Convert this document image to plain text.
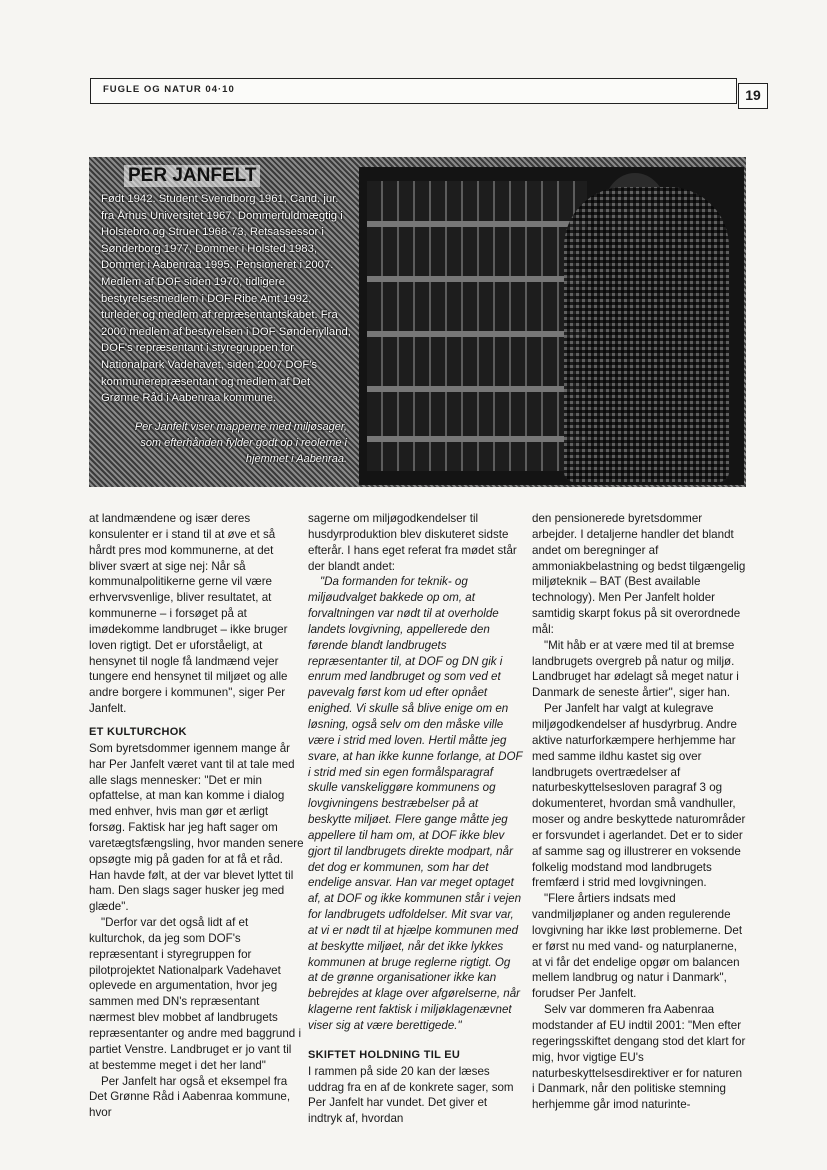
FUGLE OG NATUR 04·10	19
PER JANFELT
Født 1942. Student Svendborg 1961, Cand. jur. fra Århus Universitet 1967. Dommerfuldmægtig i Holstebro og Struer 1968-73, Retsassessor i Sønderborg 1977, Dommer i Holsted 1983, Dommer i Aabenraa 1995. Pensioneret i 2007. Medlem af DOF siden 1970, tidligere bestyrelsesmedlem i DOF Ribe Amt 1992, turleder og medlem af repræsentantskabet. Fra 2000 medlem af bestyrelsen i DOF Sønderjylland, DOF's repræsentant i styregruppen for Nationalpark Vadehavet, siden 2007 DOF's kommunerepræsentant og medlem af Det Grønne Råd i Aabenraa kommune.
Per Janfelt viser mapperne med miljøsager, som efterhånden fylder godt op i reolerne i hjemmet i Aabenraa.

at landmændene og især deres konsulenter er i stand til at øve et så hårdt pres mod kommunerne, at det bliver svært at sige nej: Når så kommunalpolitikerne gerne vil være erhvervsvenlige, bliver resultatet, at kommunerne – i forsøget på at imødekomme landbruget – ikke bruger loven rigtigt. Det er uforståeligt, at hensynet til nogle få landmænd vejer tungere end hensynet til miljøet og alle andre borgere i kommunen", siger Per Janfelt.

ET KULTURCHOK

Som byretsdommer igennem mange år har Per Janfelt været vant til at tale med alle slags mennesker: "Det er min opfattelse, at man kan komme i dialog med enhver, hvis man gør et ærligt forsøg. Faktisk har jeg haft sager om varetægtsfængsling, hvor manden senere opsøgte mig på gaden for at få et råd. Han havde følt, at der var blevet lyttet til ham. Den slags sager husker jeg med glæde".

"Derfor var det også lidt af et kulturchok, da jeg som DOF's repræsentant i styregruppen for pilotprojektet Nationalpark Vadehavet oplevede en argumentation, hvor jeg sammen med DN's repræsentant nærmest blev mobbet af landbrugets repræsentanter og andre med baggrund i partiet Venstre. Landbruget er jo vant til at bestemme meget i det her land"

Per Janfelt har også et eksempel fra Det Grønne Råd i Aabenraa kommune, hvor

sagerne om miljøgodkendelser til husdyrproduktion blev diskuteret sidste efterår. I hans eget referat fra mødet står der blandt andet:

"Da formanden for teknik- og miljøudvalget bakkede op om, at forvaltningen var nødt til at overholde landets lovgivning, appellerede den førende blandt landbrugets repræsentanter til, at DOF og DN gik i enrum med landbruget og som ved et pavevalg først kom ud efter opnået enighed. Vi skulle så blive enige om en løsning, også selv om den måske ville være i strid med loven. Hertil måtte jeg svare, at han ikke kunne forlange, at DOF i strid med sin egen formålsparagraf skulle vanskeliggøre kommunens og lovgivningens bestræbelser på at beskytte miljøet. Flere gange måtte jeg appellere til ham om, at DOF ikke blev gjort til landbrugets direkte modpart, når det dog er kommunen, som har det endelige ansvar. Han var meget optaget af, at DOF og ikke kommunen står i vejen for landbrugets udfoldelser. Mit svar var, at vi er nødt til at hjælpe kommunen med at beskytte miljøet, når det ikke lykkes kommunen at bruge reglerne rigtigt. Og at de grønne organisationer ikke kan bebrejdes at klage over afgørelserne, når klagerne rent faktisk i miljøklagenævnet viser sig at være berettigede."

SKIFTET HOLDNING TIL EU

I rammen på side 20 kan der læses uddrag fra en af de konkrete sager, som Per Janfelt har vundet. Det giver et indtryk af, hvordan

den pensionerede byretsdommer arbejder. I detaljerne handler det blandt andet om beregninger af ammoniakbelastning og bedst tilgængelig miljøteknik – BAT (Best available technology). Men Per Janfelt holder samtidig skarpt fokus på sit overordnede mål:

"Mit håb er at være med til at bremse landbrugets overgreb på natur og miljø. Landbruget har ødelagt så meget natur i Danmark de seneste årtier", siger han.

Per Janfelt har valgt at kulegrave miljøgodkendelser af husdyrbrug. Andre aktive naturforkæmpere herhjemme har med samme ildhu kastet sig over landbrugets overtrædelser af naturbeskyttelsesloven paragraf 3 og dokumenteret, hvordan små vandhuller, moser og andre beskyttede naturområder er forsvundet i agerlandet. Det er to sider af samme sag og illustrerer en voksende folkelig modstand mod landbrugets fremfærd i strid med lovgivningen.

"Flere årtiers indsats med vandmiljøplaner og anden regulerende lovgivning har ikke løst problemerne. Det er først nu med vand- og naturplanerne, at vi får det endelige opgør om balancen mellem landbrug og natur i Danmark", forudser Per Janfelt.

Selv var dommeren fra Aabenraa modstander af EU indtil 2001: "Men efter regeringsskiftet dengang stod det klart for mig, hvor vigtige EU's naturbeskyttelsesdirektiver er for naturen i Danmark, når den politiske stemning herhjemme går imod naturinte-
